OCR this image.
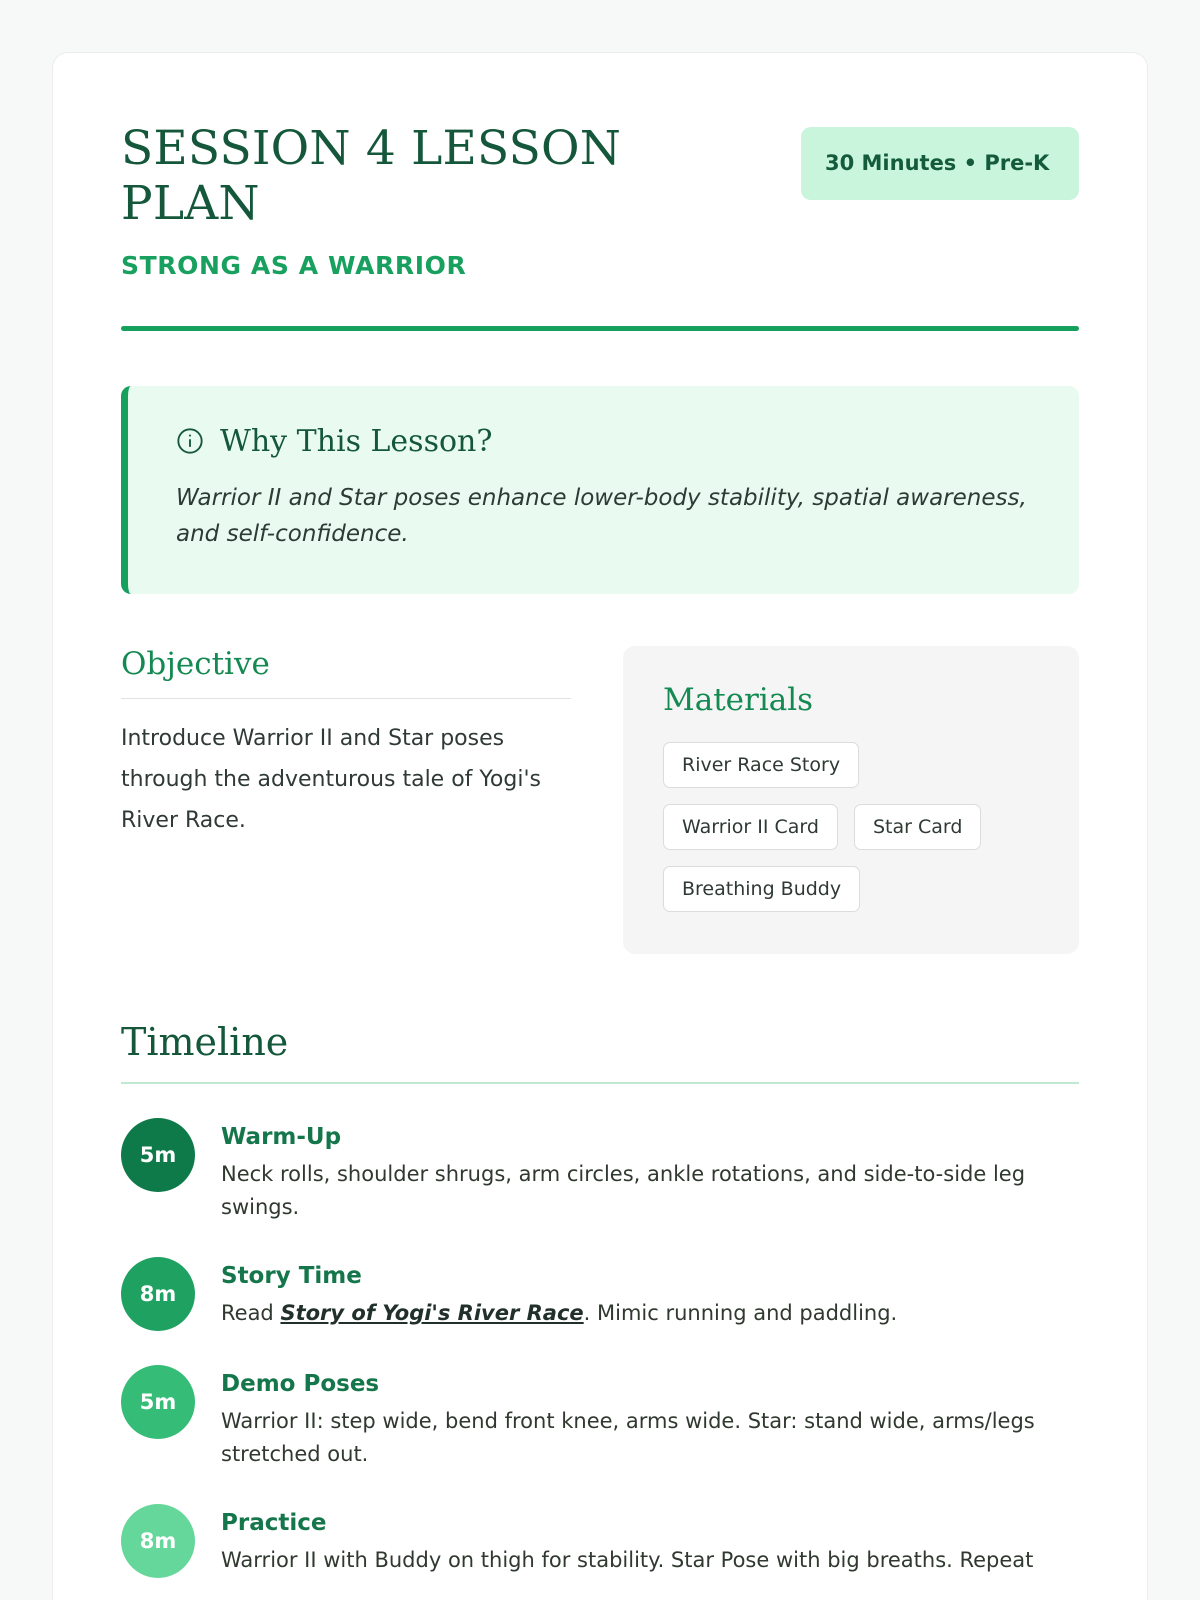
SESSION 4 LESSON PLAN
STRONG AS A WARRIOR
30 Minutes • Pre-K
Why This Lesson?
Warrior II and Star poses enhance lower-body stability, spatial awareness, and self-confidence.
Objective
Introduce Warrior II and Star poses through the adventurous tale of Yogi's River Race.
Materials
River Race Story
Warrior II Card	Star Card
Breathing Buddy
Timeline
5m
Warm-Up
Neck rolls, shoulder shrugs, arm circles, ankle rotations, and side-to-side leg swings.
8m
Story Time
Read Story of Yogi's River Race. Mimic running and paddling.
5m
Demo Poses
Warrior II: step wide, bend front knee, arms wide. Star: stand wide, arms/legs stretched out.
8m
Practice
Warrior II with Buddy on thigh for stability. Star Pose with big breaths. Repeat
